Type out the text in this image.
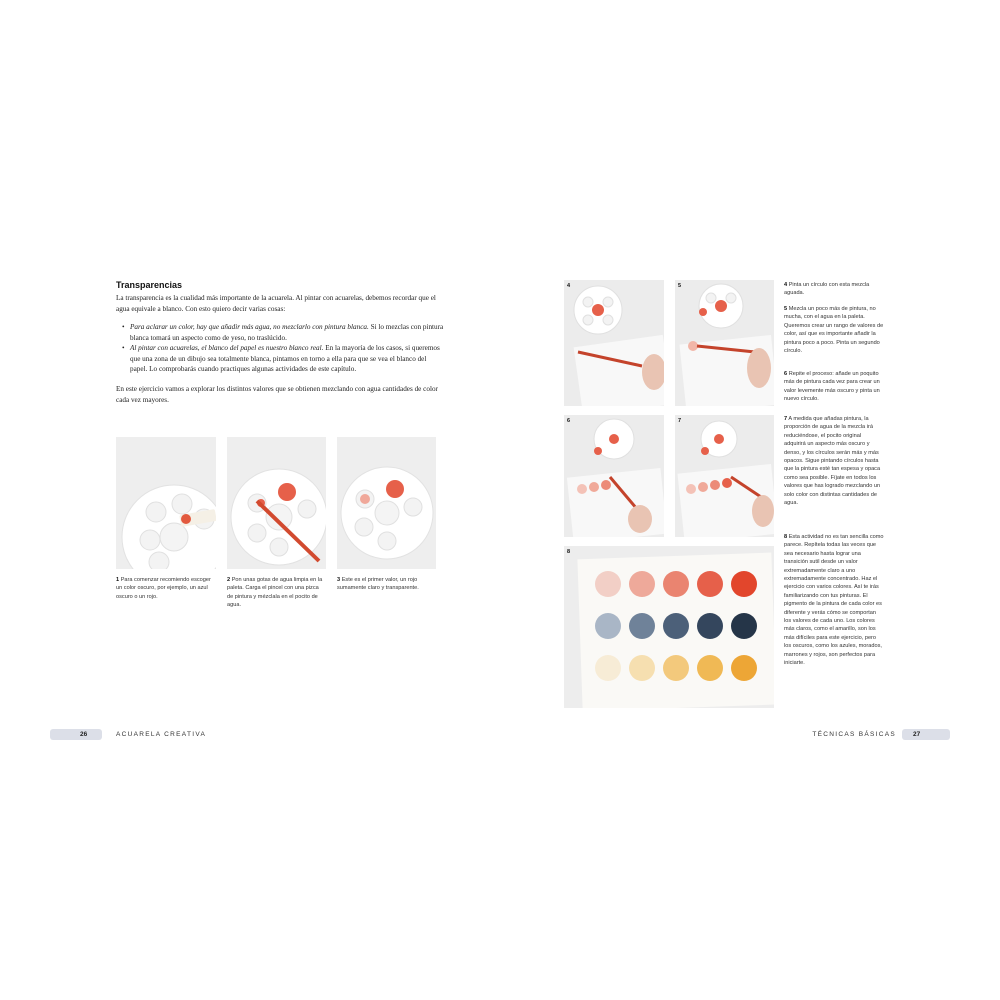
Transparencias
La transparencia es la cualidad más importante de la acuarela. Al pintar con acuarelas, debemos recordar que el agua equivale a blanco. Con esto quiero decir varias cosas:
• Para aclarar un color, hay que añadir más agua, no mezclarlo con pintura blanca. Si lo mezclas con pintura blanca tomará un aspecto como de yeso, no traslúcido.
• Al pintar con acuarelas, el blanco del papel es nuestro blanco real. En la mayoría de los casos, si queremos que una zona de un dibujo sea totalmente blanca, pintamos en torno a ella para que se vea el blanco del papel. Lo comprobarás cuando practiques algunas actividades de este capítulo.
En este ejercicio vamos a explorar los distintos valores que se obtienen mezclando con agua cantidades de color cada vez mayores.
1 Para comenzar recomiendo escoger un color oscuro, por ejemplo, un azul oscuro o un rojo.
2 Pon unas gotas de agua limpia en la paleta. Carga el pincel con una pizca de pintura y mézclala en el pocito de agua.
3 Este es el primer valor, un rojo sumamente claro y transparente.
26	ACUARELA CREATIVA
4	5
6	7
8
4 Pinta un círculo con esta mezcla aguada.
5 Mezcla un poco más de pintura, no mucha, con el agua en la paleta. Queremos crear un rango de valores de color, así que es importante añadir la pintura poco a poco. Pinta un segundo círculo.
6 Repite el proceso: añade un poquito más de pintura cada vez para crear un valor levemente más oscuro y pinta un nuevo círculo.
7 A medida que añadas pintura, la proporción de agua de la mezcla irá reduciéndose, el pocito original adquirirá un aspecto más oscuro y denso, y los círculos serán más y más opacos. Sigue pintando círculos hasta que la pintura esté tan espesa y opaca como sea posible. Fíjate en todos los valores que has logrado mezclando un solo color con distintas cantidades de agua.
8 Esta actividad no es tan sencilla como parece. Repítela todas las veces que sea necesario hasta lograr una transición sutil desde un valor extremadamente claro a uno extremadamente concentrado. Haz el ejercicio con varios colores. Así te irás familiarizando con tus pinturas. El pigmento de la pintura de cada color es diferente y verás cómo se comportan los valores de cada uno. Los colores más claros, como el amarillo, son los más difíciles para este ejercicio, pero los oscuros, como los azules, morados, marrones y rojos, son perfectos para iniciarte.
TÉCNICAS BÁSICAS	27
